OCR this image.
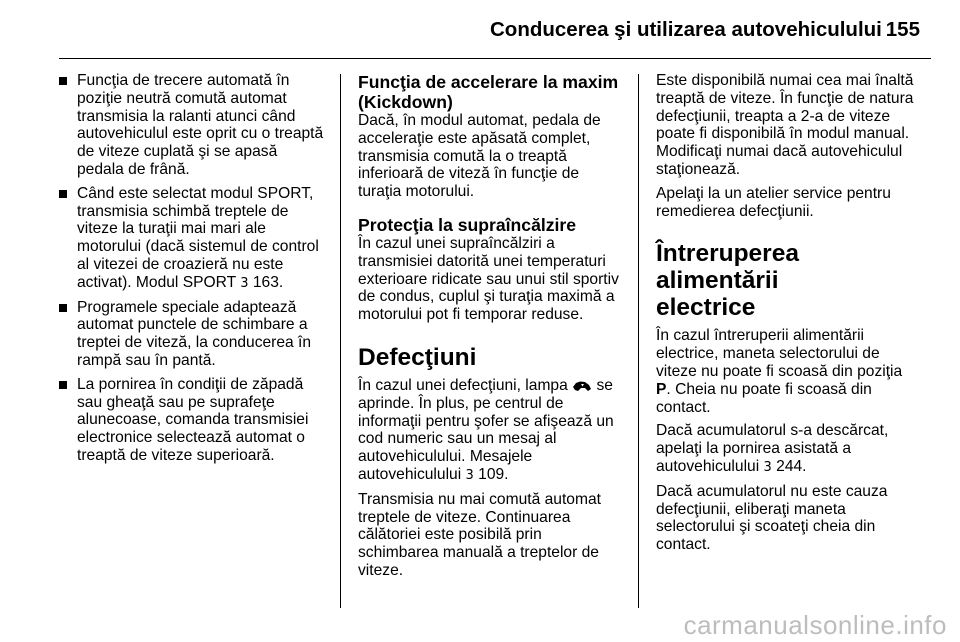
Conducerea şi utilizarea autovehiculului 155
Funcţia de trecere automată în
poziţie neutră comută automat
transmisia la ralanti atunci când
autovehiculul este oprit cu o treaptă
de viteze cuplată şi se apasă
pedala de frână.
Când este selectat modul SPORT,
transmisia schimbă treptele de
viteze la turaţii mai mari ale
motorului (dacă sistemul de control
al vitezei de croazieră nu este
activat). Modul SPORT 3 163.
Programele speciale adaptează
automat punctele de schimbare a
treptei de viteză, la conducerea în
rampă sau în pantă.
La pornirea în condiţii de zăpadă
sau gheaţă sau pe suprafeţe
alunecoase, comanda transmisiei
electronice selectează automat o
treaptă de viteze superioară.
Funcţia de accelerare la maxim
(Kickdown)
Dacă, în modul automat, pedala de
acceleraţie este apăsată complet,
transmisia comută la o treaptă
inferioară de viteză în funcţie de
turaţia motorului.
Protecţia la supraîncălzire
În cazul unei supraîncălziri a
transmisiei datorită unei temperaturi
exterioare ridicate sau unui stil sportiv
de condus, cuplul şi turaţia maximă a
motorului pot fi temporar reduse.
Defecţiuni
În cazul unei defecţiuni, lampa se
aprinde. În plus, pe centrul de
informaţii pentru şofer se afişează un
cod numeric sau un mesaj al
autovehiculului. Mesajele
autovehiculului 3 109.
Transmisia nu mai comută automat
treptele de viteze. Continuarea
călătoriei este posibilă prin
schimbarea manuală a treptelor de
viteze.
Este disponibilă numai cea mai înaltă
treaptă de viteze. În funcţie de natura
defecţiunii, treapta a 2-a de viteze
poate fi disponibilă în modul manual.
Modificaţi numai dacă autovehiculul
staţionează.
Apelaţi la un atelier service pentru
remedierea defecţiunii.
Întreruperea alimentării
electrice
În cazul întreruperii alimentării
electrice, maneta selectorului de
viteze nu poate fi scoasă din poziţia
P. Cheia nu poate fi scoasă din
contact.
Dacă acumulatorul s-a descărcat,
apelaţi la pornirea asistată a
autovehiculului 3 244.
Dacă acumulatorul nu este cauza
defecţiunii, eliberaţi maneta
selectorului şi scoateţi cheia din
contact.
carmanualsonline.info
